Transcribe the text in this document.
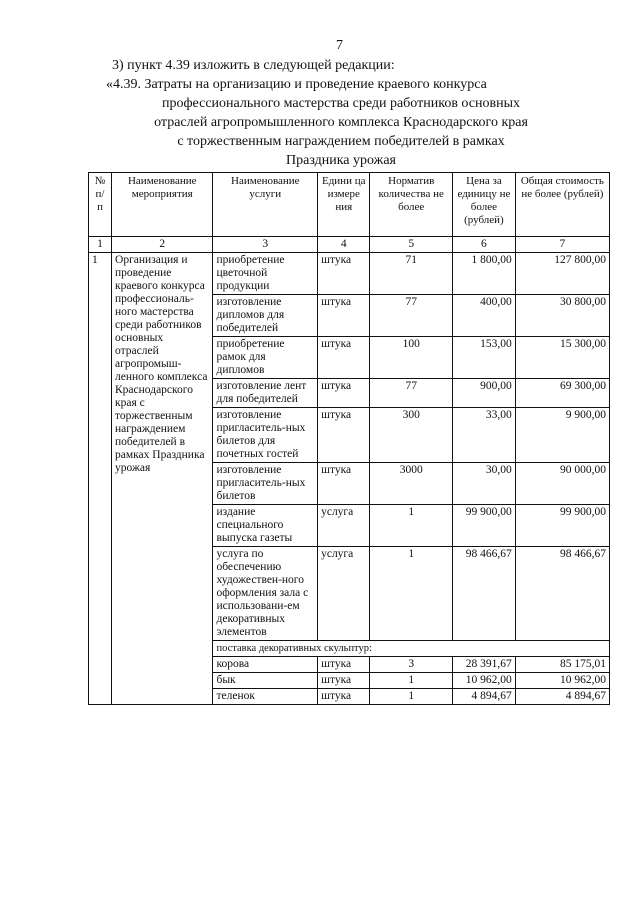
7
3) пункт 4.39 изложить в следующей редакции:
«4.39. Затраты на организацию и проведение краевого конкурса
профессионального мастерства среди работников основных
отраслей агропромышленного комплекса Краснодарского края
с торжественным награждением победителей в рамках
Праздника урожая
№ п/ п	Наименование мероприятия	Наименование услуги	Едини ца измере ния	Норматив количества не более	Цена за единицу не более (рублей)	Общая стоимость не более (рублей)
1	2	3	4	5	6	7
1	Организация и проведение краевого конкурса профессиональ-ного мастерства среди работников основных отраслей агропромыш-ленного комплекса Краснодарского края с торжественным награждением победителей в рамках Праздника урожая	приобретение цветочной продукции	штука	71	1 800,00	127 800,00
		изготовление дипломов для победителей	штука	77	400,00	30 800,00
		приобретение рамок для дипломов	штука	100	153,00	15 300,00
		изготовление лент для победителей	штука	77	900,00	69 300,00
		изготовление пригласитель-ных билетов для почетных гостей	штука	300	33,00	9 900,00
		изготовление пригласитель-ных билетов	штука	3000	30,00	90 000,00
		издание специального выпуска газеты	услуга	1	99 900,00	99 900,00
		услуга по обеспечению художествен-ного оформления зала с использовани-ем декоративных элементов	услуга	1	98 466,67	98 466,67
		поставка декоративных скульптур:				
		корова	штука	3	28 391,67	85 175,01
		бык	штука	1	10 962,00	10 962,00
		теленок	штука	1	4 894,67	4 894,67
